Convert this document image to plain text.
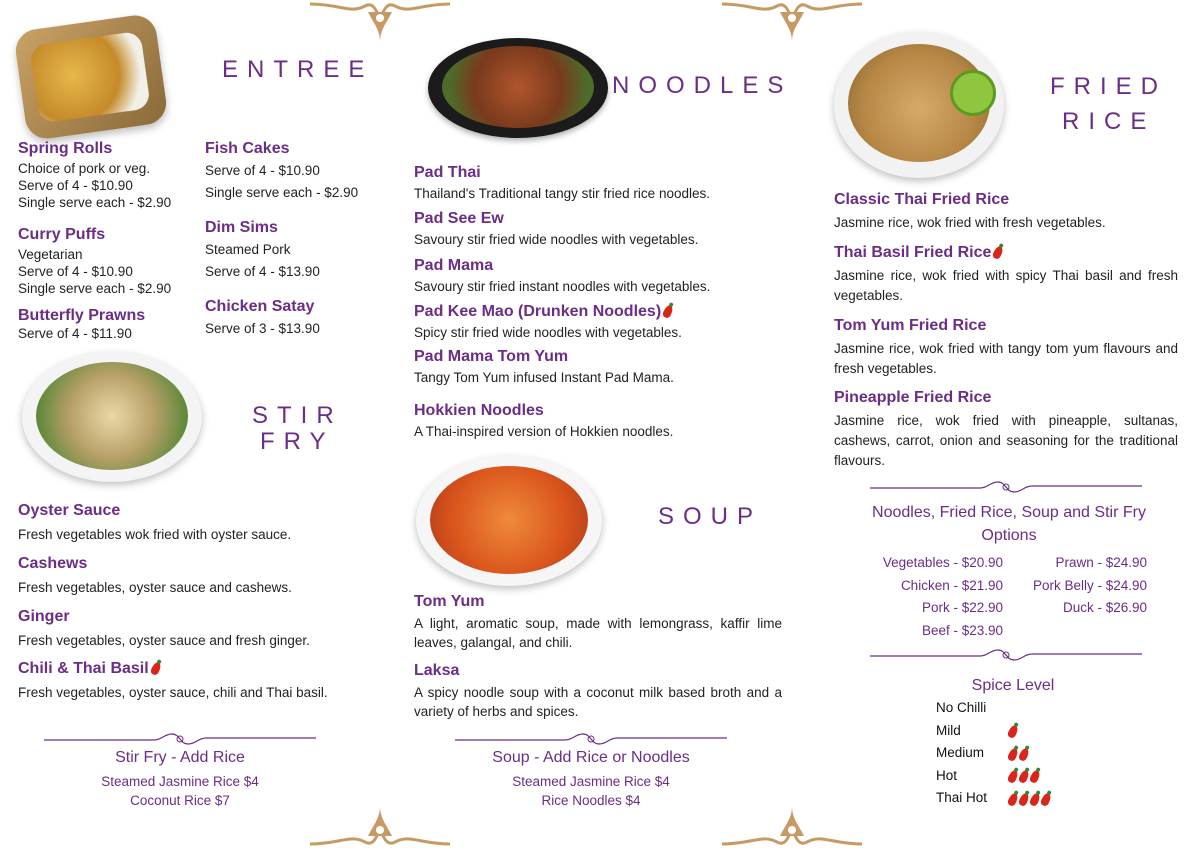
ENTREE
Spring Rolls
Choice of pork or veg.
Serve of 4 - $10.90
Single serve each - $2.90
Curry Puffs
Vegetarian
Serve of 4 - $10.90
Single serve each - $2.90
Butterfly Prawns
Serve of 4 - $11.90
Fish Cakes
Serve of 4 - $10.90
Single serve each - $2.90
Dim Sims
Steamed Pork
Serve of 4 - $13.90
Chicken Satay
Serve of 3 - $13.90
STIR
FRY
Oyster Sauce
Fresh vegetables wok fried with oyster sauce.
Cashews
Fresh vegetables, oyster sauce and cashews.
Ginger
Fresh vegetables, oyster sauce and fresh ginger.
Chili & Thai Basil
Fresh vegetables, oyster sauce, chili and Thai basil.
Stir Fry - Add Rice
Steamed Jasmine Rice $4
Coconut Rice $7
NOODLES
Pad Thai
Thailand's Traditional tangy stir fried rice noodles.
Pad See Ew
Savoury stir fried wide noodles with vegetables.
Pad Mama
Savoury stir fried instant noodles with vegetables.
Pad Kee Mao (Drunken Noodles)
Spicy stir fried wide noodles with vegetables.
Pad Mama Tom Yum
Tangy Tom Yum infused Instant Pad Mama.
Hokkien Noodles
A Thai-inspired version of Hokkien noodles.
SOUP
Tom Yum
A light, aromatic soup, made with lemongrass, kaffir lime leaves, galangal, and chili.
Laksa
A spicy noodle soup with a coconut milk based broth and a variety of herbs and spices.
Soup - Add Rice or Noodles
Steamed Jasmine Rice $4
Rice Noodles $4
FRIED
RICE
Classic Thai Fried Rice
Jasmine rice, wok fried with fresh vegetables.
Thai Basil Fried Rice
Jasmine rice, wok fried with spicy Thai basil and fresh vegetables.
Tom Yum Fried Rice
Jasmine rice, wok fried with tangy tom yum flavours and fresh vegetables.
Pineapple Fried Rice
Jasmine rice, wok fried with pineapple, sultanas, cashews, carrot, onion and seasoning for the traditional flavours.
Noodles, Fried Rice, Soup and Stir Fry
Options
Vegetables - $20.90
Chicken - $21.90
Pork - $22.90
Beef - $23.90
Prawn - $24.90
Pork Belly - $24.90
Duck - $26.90
Spice Level
No Chilli
Mild
Medium
Hot
Thai Hot
